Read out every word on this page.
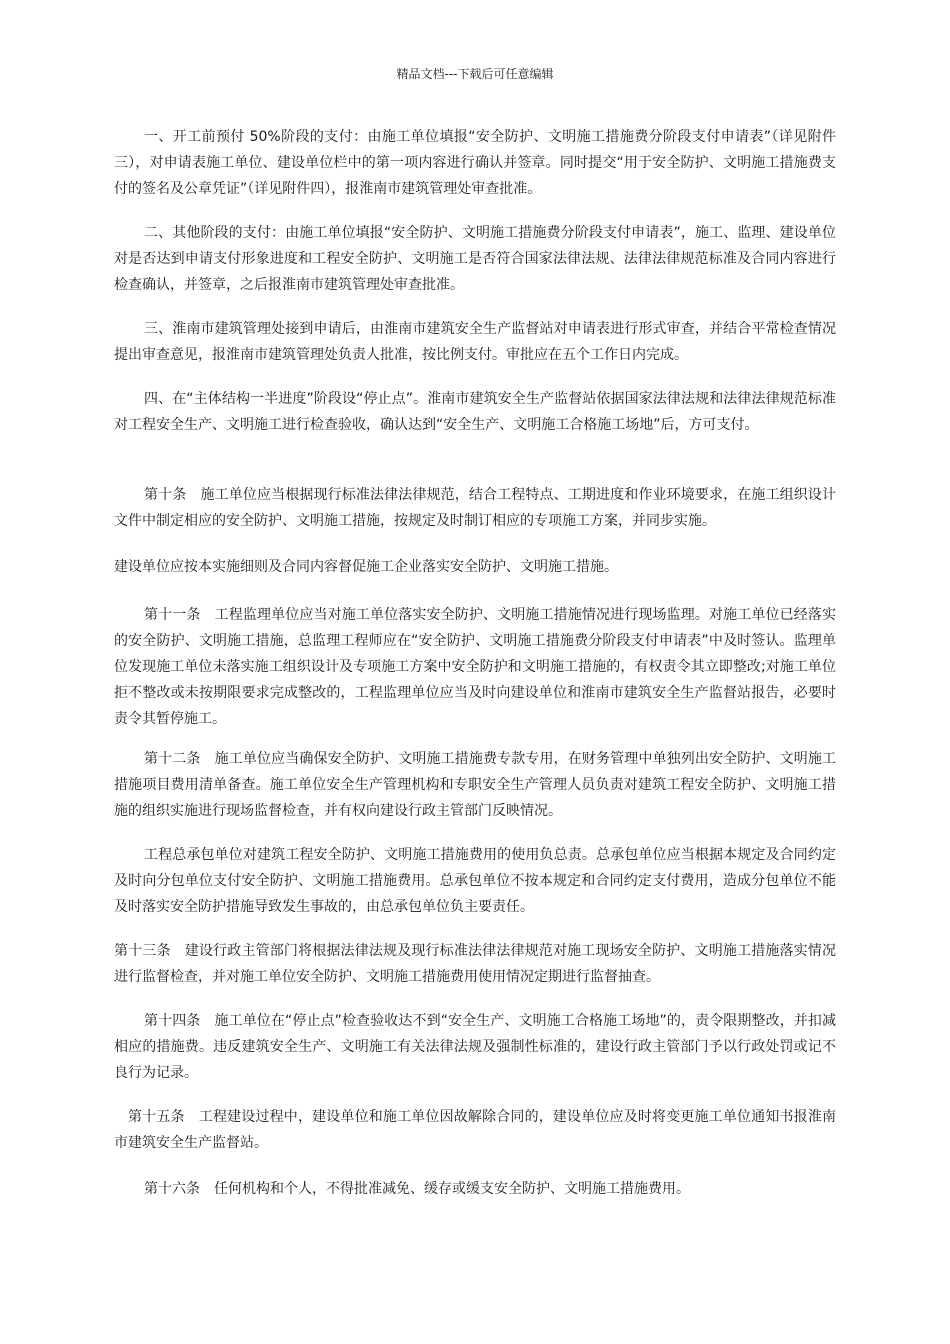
精品文档---下载后可任意编辑

一、开工前预付 50%阶段的支付：由施工单位填报“安全防护、文明施工措施费分阶段支付申请表”（详见附件三），对申请表施工单位、建设单位栏中的第一项内容进行确认并签章。同时提交“用于安全防护、文明施工措施费支付的签名及公章凭证”（详见附件四），报淮南市建筑管理处审查批准。

二、其他阶段的支付：由施工单位填报“安全防护、文明施工措施费分阶段支付申请表”，施工、监理、建设单位对是否达到申请支付形象进度和工程安全防护、文明施工是否符合国家法律法规、法律法律规范标准及合同内容进行检查确认，并签章，之后报淮南市建筑管理处审查批准。

三、淮南市建筑管理处接到申请后，由淮南市建筑安全生产监督站对申请表进行形式审查，并结合平常检查情况提出审查意见，报淮南市建筑管理处负责人批准，按比例支付。审批应在五个工作日内完成。

四、在“主体结构一半进度”阶段设“停止点”。淮南市建筑安全生产监督站依据国家法律法规和法律法律规范标准对工程安全生产、文明施工进行检查验收，确认达到“安全生产、文明施工合格施工场地”后，方可支付。

第十条　施工单位应当根据现行标准法律法律规范，结合工程特点、工期进度和作业环境要求，在施工组织设计文件中制定相应的安全防护、文明施工措施，按规定及时制订相应的专项施工方案，并同步实施。

建设单位应按本实施细则及合同内容督促施工企业落实安全防护、文明施工措施。

第十一条　工程监理单位应当对施工单位落实安全防护、文明施工措施情况进行现场监理。对施工单位已经落实的安全防护、文明施工措施，总监理工程师应在“安全防护、文明施工措施费分阶段支付申请表”中及时签认。监理单位发现施工单位未落实施工组织设计及专项施工方案中安全防护和文明施工措施的，有权责令其立即整改;对施工单位拒不整改或未按期限要求完成整改的，工程监理单位应当及时向建设单位和淮南市建筑安全生产监督站报告，必要时责令其暂停施工。

第十二条　施工单位应当确保安全防护、文明施工措施费专款专用，在财务管理中单独列出安全防护、文明施工措施项目费用清单备查。施工单位安全生产管理机构和专职安全生产管理人员负责对建筑工程安全防护、文明施工措施的组织实施进行现场监督检查，并有权向建设行政主管部门反映情况。

工程总承包单位对建筑工程安全防护、文明施工措施费用的使用负总责。总承包单位应当根据本规定及合同约定及时向分包单位支付安全防护、文明施工措施费用。总承包单位不按本规定和合同约定支付费用，造成分包单位不能及时落实安全防护措施导致发生事故的，由总承包单位负主要责任。

第十三条　建设行政主管部门将根据法律法规及现行标准法律法律规范对施工现场安全防护、文明施工措施落实情况进行监督检查，并对施工单位安全防护、文明施工措施费用使用情况定期进行监督抽查。

第十四条　施工单位在“停止点”检查验收达不到“安全生产、文明施工合格施工场地”的，责令限期整改，并扣减相应的措施费。违反建筑安全生产、文明施工有关法律法规及强制性标准的，建设行政主管部门予以行政处罚或记不良行为记录。

第十五条　工程建设过程中，建设单位和施工单位因故解除合同的，建设单位应及时将变更施工单位通知书报淮南市建筑安全生产监督站。

第十六条　任何机构和个人，不得批准减免、缓存或缓支安全防护、文明施工措施费用。
